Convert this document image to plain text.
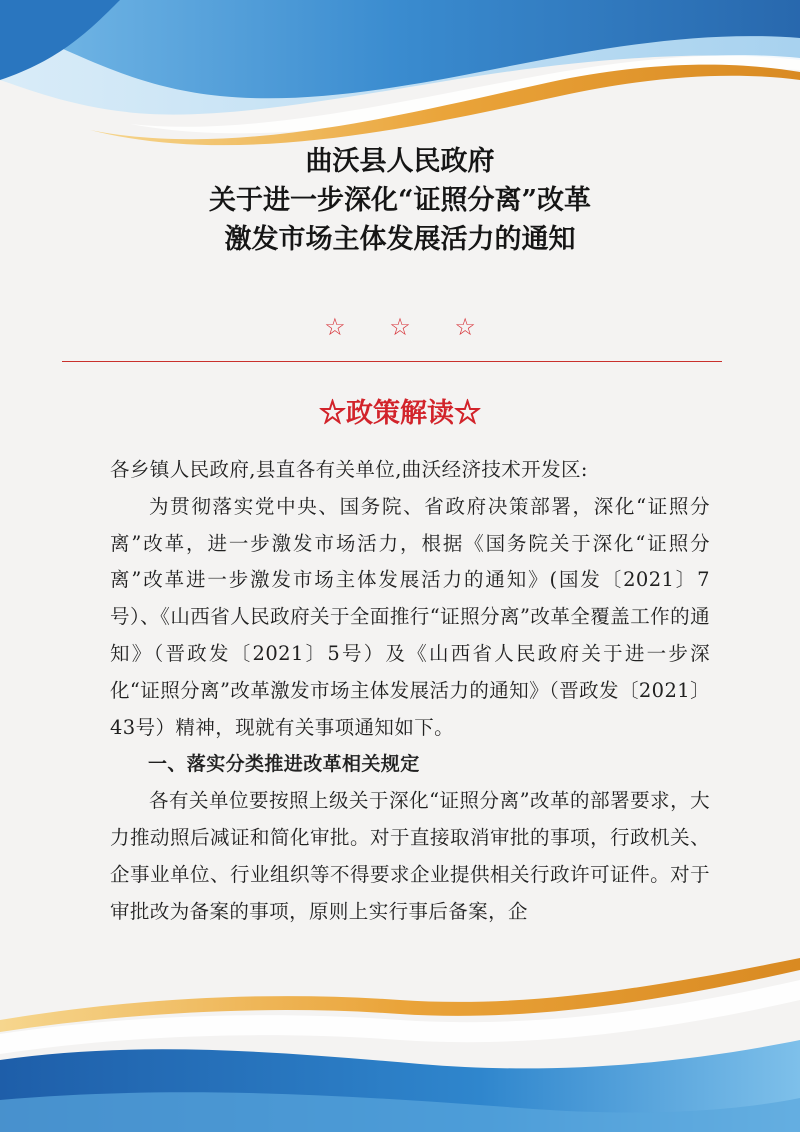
曲沃县人民政府
关于进一步深化“证照分离”改革
激发市场主体发展活力的通知
☆ ☆ ☆
☆政策解读☆

各乡镇人民政府,县直各有关单位,曲沃经济技术开发区:

为贯彻落实党中央、国务院、省政府决策部署，深化“证照分离”改革，进一步激发市场活力，根据《国务院关于深化“证照分离”改革进一步激发市场主体发展活力的通知》(国发〔2021〕7号）、《山西省人民政府关于全面推行“证照分离”改革全覆盖工作的通知》（晋政发〔2021〕5号）及《山西省人民政府关于进一步深化“证照分离”改革激发市场主体发展活力的通知》（晋政发〔2021〕43号）精神，现就有关事项通知如下。

一、落实分类推进改革相关规定

各有关单位要按照上级关于深化“证照分离”改革的部署要求，大力推动照后减证和简化审批。对于直接取消审批的事项，行政机关、企事业单位、行业组织等不得要求企业提供相关行政许可证件。对于审批改为备案的事项，原则上实行事后备案，企
